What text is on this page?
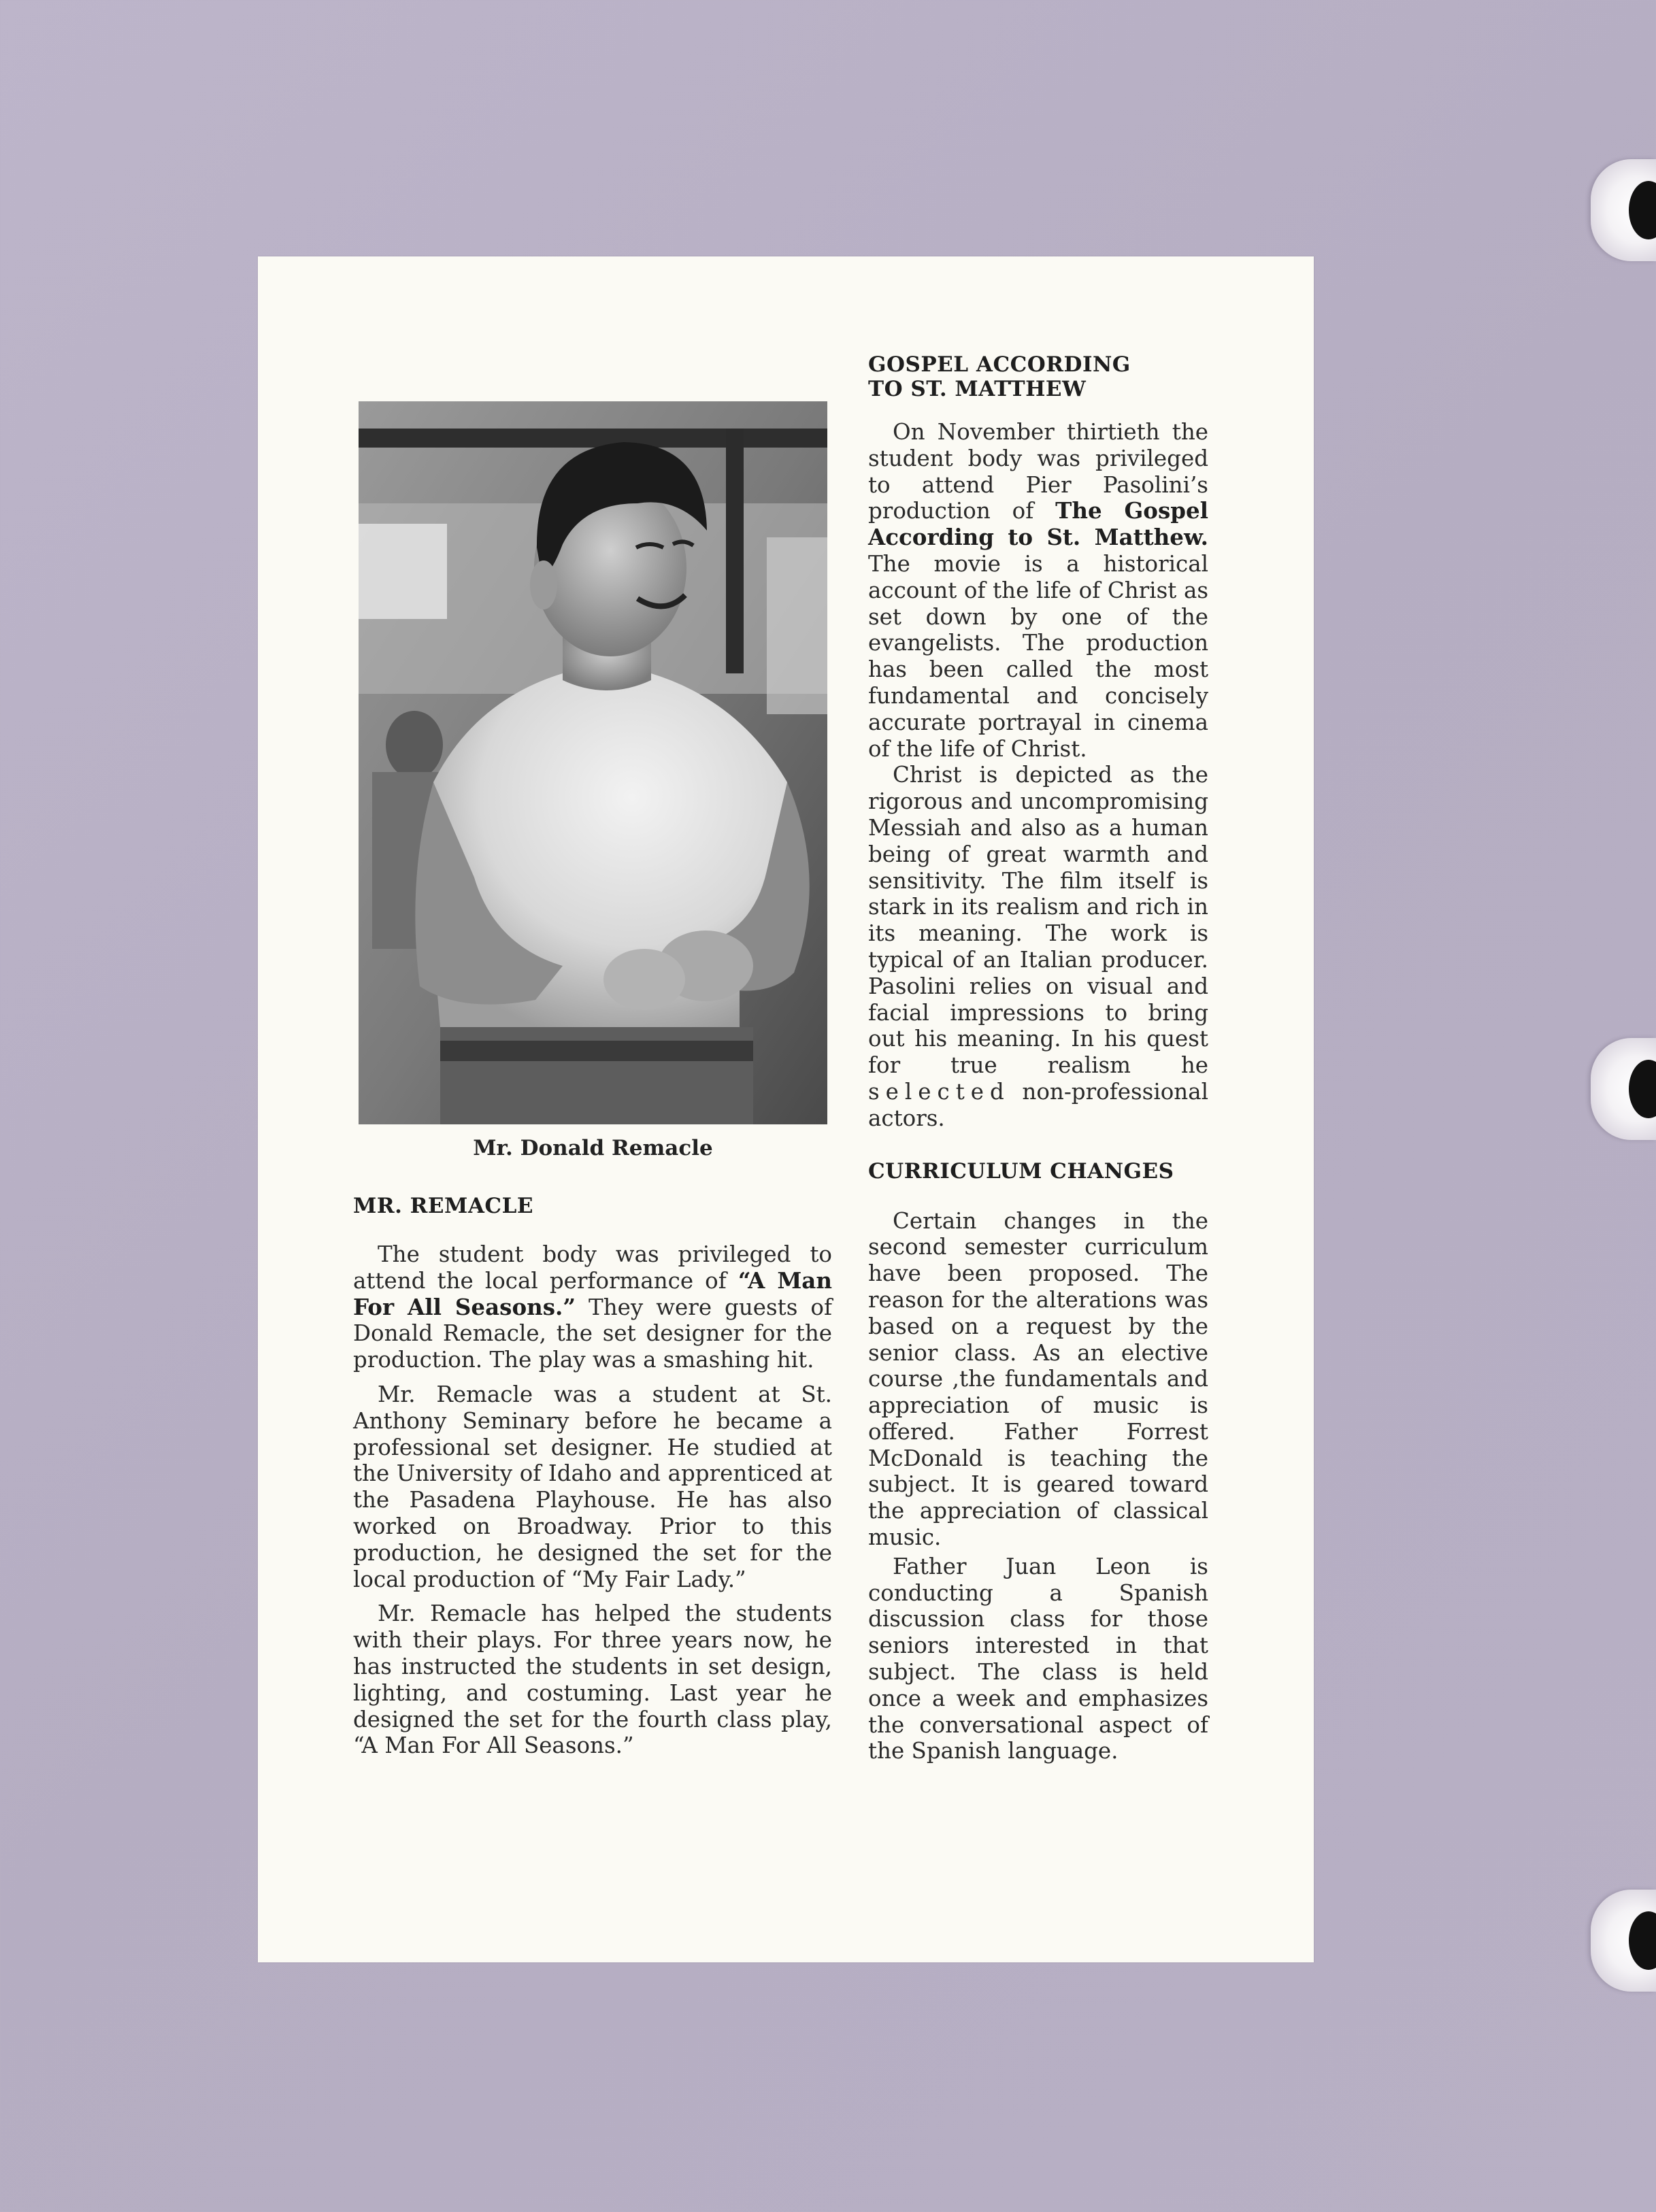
Mr. Donald Remacle
MR. REMACLE

The student body was privileged to attend the local performance of “A Man For All Seasons.” They were guests of Donald Remacle, the set designer for the production. The play was a smashing hit.

Mr. Remacle was a student at St. Anthony Seminary before he became a professional set designer. He studied at the University of Idaho and apprenticed at the Pasadena Playhouse. He has also worked on Broadway. Prior to this production, he designed the set for the local production of “My Fair Lady.”

Mr. Remacle has helped the students with their plays. For three years now, he has instructed the students in set design, lighting, and costuming. Last year he designed the set for the fourth class play, “A Man For All Seasons.”

GOSPEL ACCORDING
TO ST. MATTHEW

On November thirtieth the student body was privileged to attend Pier Pasolini’s production of The Gospel According to St. Matthew. The movie is a historical account of the life of Christ as set down by one of the evangelists. The production has been called the most fundamental and concisely accurate portrayal in cinema of the life of Christ.

Christ is depicted as the rigorous and uncompromising Messiah and also as a human being of great warmth and sensitivity. The film itself is stark in its realism and rich in its meaning. The work is typical of an Italian producer. Pasolini relies on visual and facial impressions to bring out his meaning. In his quest for true realism he selected non-professional actors.

CURRICULUM CHANGES

Certain changes in the second semester curriculum have been proposed. The reason for the alterations was based on a request by the senior class. As an elective course ,the fundamentals and appreciation of music is offered. Father Forrest McDonald is teaching the subject. It is geared toward the appreciation of classical music.

Father Juan Leon is conducting a Spanish discussion class for those seniors interested in that subject. The class is held once a week and emphasizes the conversational aspect of the Spanish language.
